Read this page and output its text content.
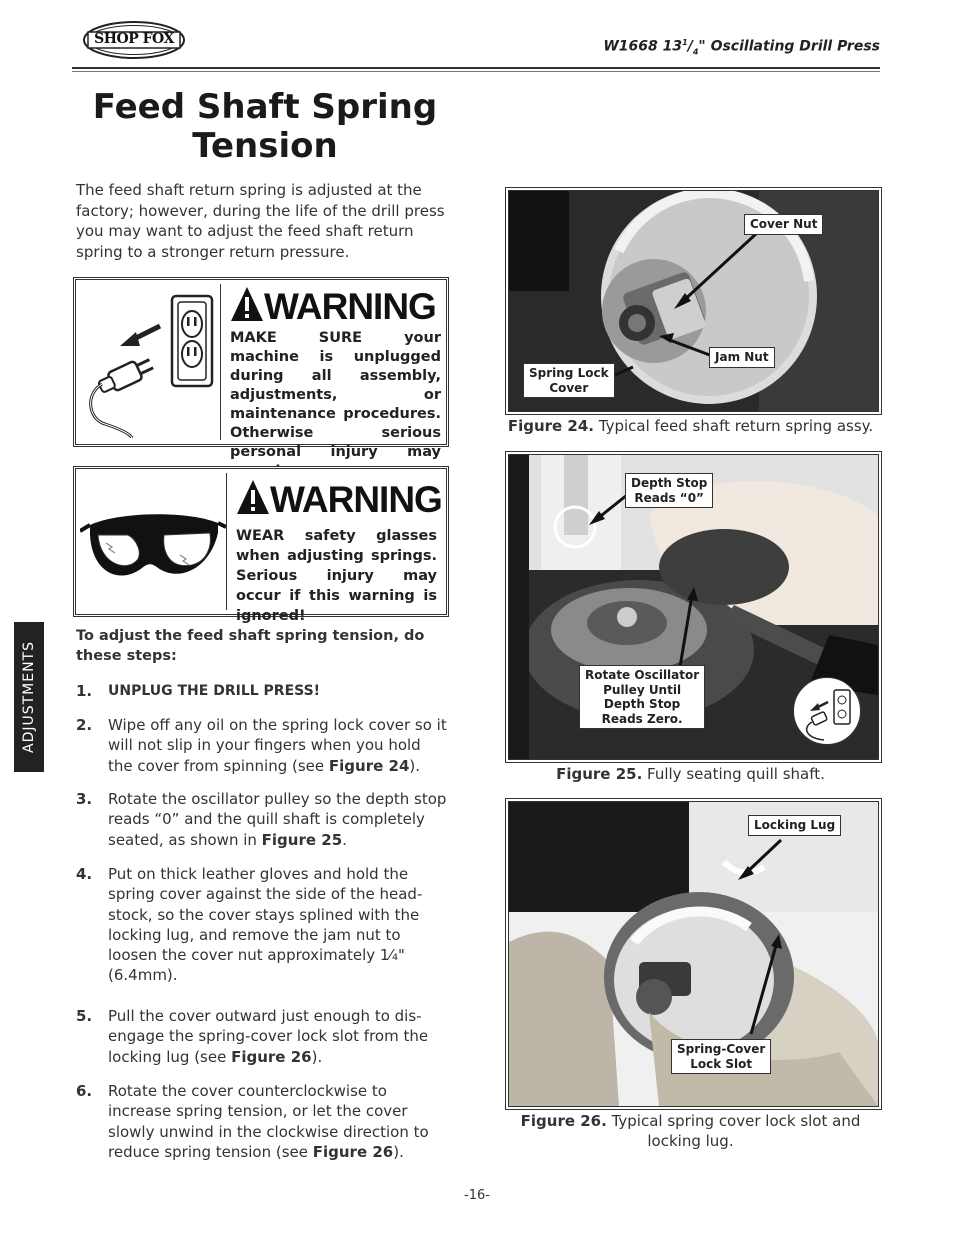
SHOP FOX	W1668 $13^1/_4$" Oscillating Drill Press
Feed Shaft Spring
Tension
The feed shaft return spring is adjusted at the factory; however, during the life of the drill press you may want to adjust the feed shaft return spring to a stronger return pressure.
WARNING
MAKE SURE your machine is unplugged during all assembly, adjustments, or maintenance procedures. Otherwise serious personal injury may
WARNING
WEAR safety glasses when adjusting springs. Serious injury may occur if this warning is ignored!
To adjust the feed shaft spring tension, do these steps:
1. UNPLUG THE DRILL PRESS!
2. Wipe off any oil on the spring lock cover so it will not slip in your fingers when you hold the cover from spinning (see Figure 24).
3. Rotate the oscillator pulley so the depth stop reads “0” and the quill shaft is completely seated, as shown in Figure 25.
4. Put on thick leather gloves and hold the spring cover against the side of the head-stock, so the cover stays splined with the locking lug, and remove the jam nut to loosen the cover nut approximately 1⁄₄" (6.4mm).
5. Pull the cover outward just enough to dis-engage the spring-cover lock slot from the locking lug (see Figure 26).
6. Rotate the cover counterclockwise to increase spring tension, or let the cover slowly unwind in the clockwise direction to reduce spring tension (see Figure 26).
ADJUSTMENTS
Cover Nut
Jam Nut
Spring Lock
Cover
Figure 24. Typical feed shaft return spring assy.
Depth Stop
Reads “0”
Rotate Oscillator
Pulley Until
Depth Stop
Reads Zero.
Figure 25. Fully seating quill shaft.
Locking Lug
Spring-Cover
Lock Slot
Figure 26. Typical spring cover lock slot and
locking lug.
-16-
